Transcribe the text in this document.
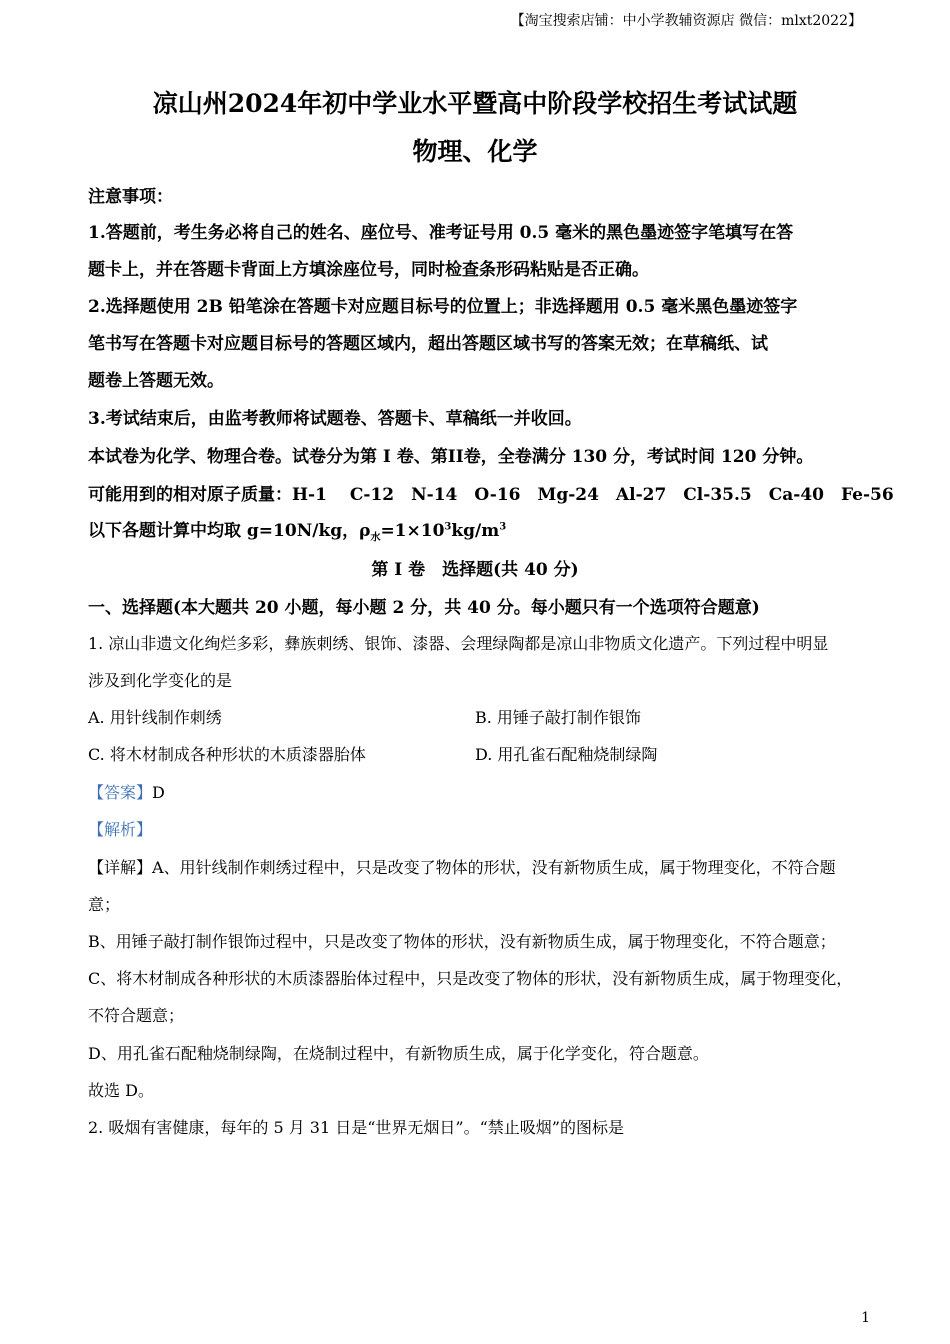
【淘宝搜索店铺：中小学教辅资源店 微信：mlxt2022】
凉山州2024年初中学业水平暨高中阶段学校招生考试试题
物理、化学
注意事项：
1.答题前，考生务必将自己的姓名、座位号、准考证号用 0.5 毫米的黑色墨迹签字笔填写在答
题卡上，并在答题卡背面上方填涂座位号，同时检查条形码粘贴是否正确。
2.选择题使用 2B 铅笔涂在答题卡对应题目标号的位置上；非选择题用 0.5 毫米黑色墨迹签字
笔书写在答题卡对应题目标号的答题区域内，超出答题区域书写的答案无效；在草稿纸、试
题卷上答题无效。
3.考试结束后，由监考教师将试题卷、答题卡、草稿纸一并收回。
本试卷为化学、物理合卷。试卷分为第 I 卷、第II卷，全卷满分 130 分，考试时间 120 分钟。
可能用到的相对原子质量：H-1　 C-12　N-14　O-16　Mg-24　Al-27　Cl-35.5　Ca-40　Fe-56
以下各题计算中均取 g=10N/kg，$\rho_水=1\times 10^3kg/m^3$
第 I 卷　选择题(共 40 分)
一、选择题(本大题共 20 小题，每小题 2 分，共 40 分。每小题只有一个选项符合题意)
1. 凉山非遗文化绚烂多彩，彝族刺绣、银饰、漆器、会理绿陶都是凉山非物质文化遗产。下列过程中明显
涉及到化学变化的是
A. 用针线制作刺绣	B. 用锤子敲打制作银饰
C. 将木材制成各种形状的木质漆器胎体	D. 用孔雀石配釉烧制绿陶
【答案】D
【解析】
【详解】A、用针线制作刺绣过程中，只是改变了物体的形状，没有新物质生成，属于物理变化，不符合题
意；
B、用锤子敲打制作银饰过程中，只是改变了物体的形状，没有新物质生成，属于物理变化，不符合题意；
C、将木材制成各种形状的木质漆器胎体过程中，只是改变了物体的形状，没有新物质生成，属于物理变化，
不符合题意；
D、用孔雀石配釉烧制绿陶，在烧制过程中，有新物质生成，属于化学变化，符合题意。
故选 D。
2. 吸烟有害健康，每年的 5 月 31 日是“世界无烟日”。“禁止吸烟”的图标是
1
